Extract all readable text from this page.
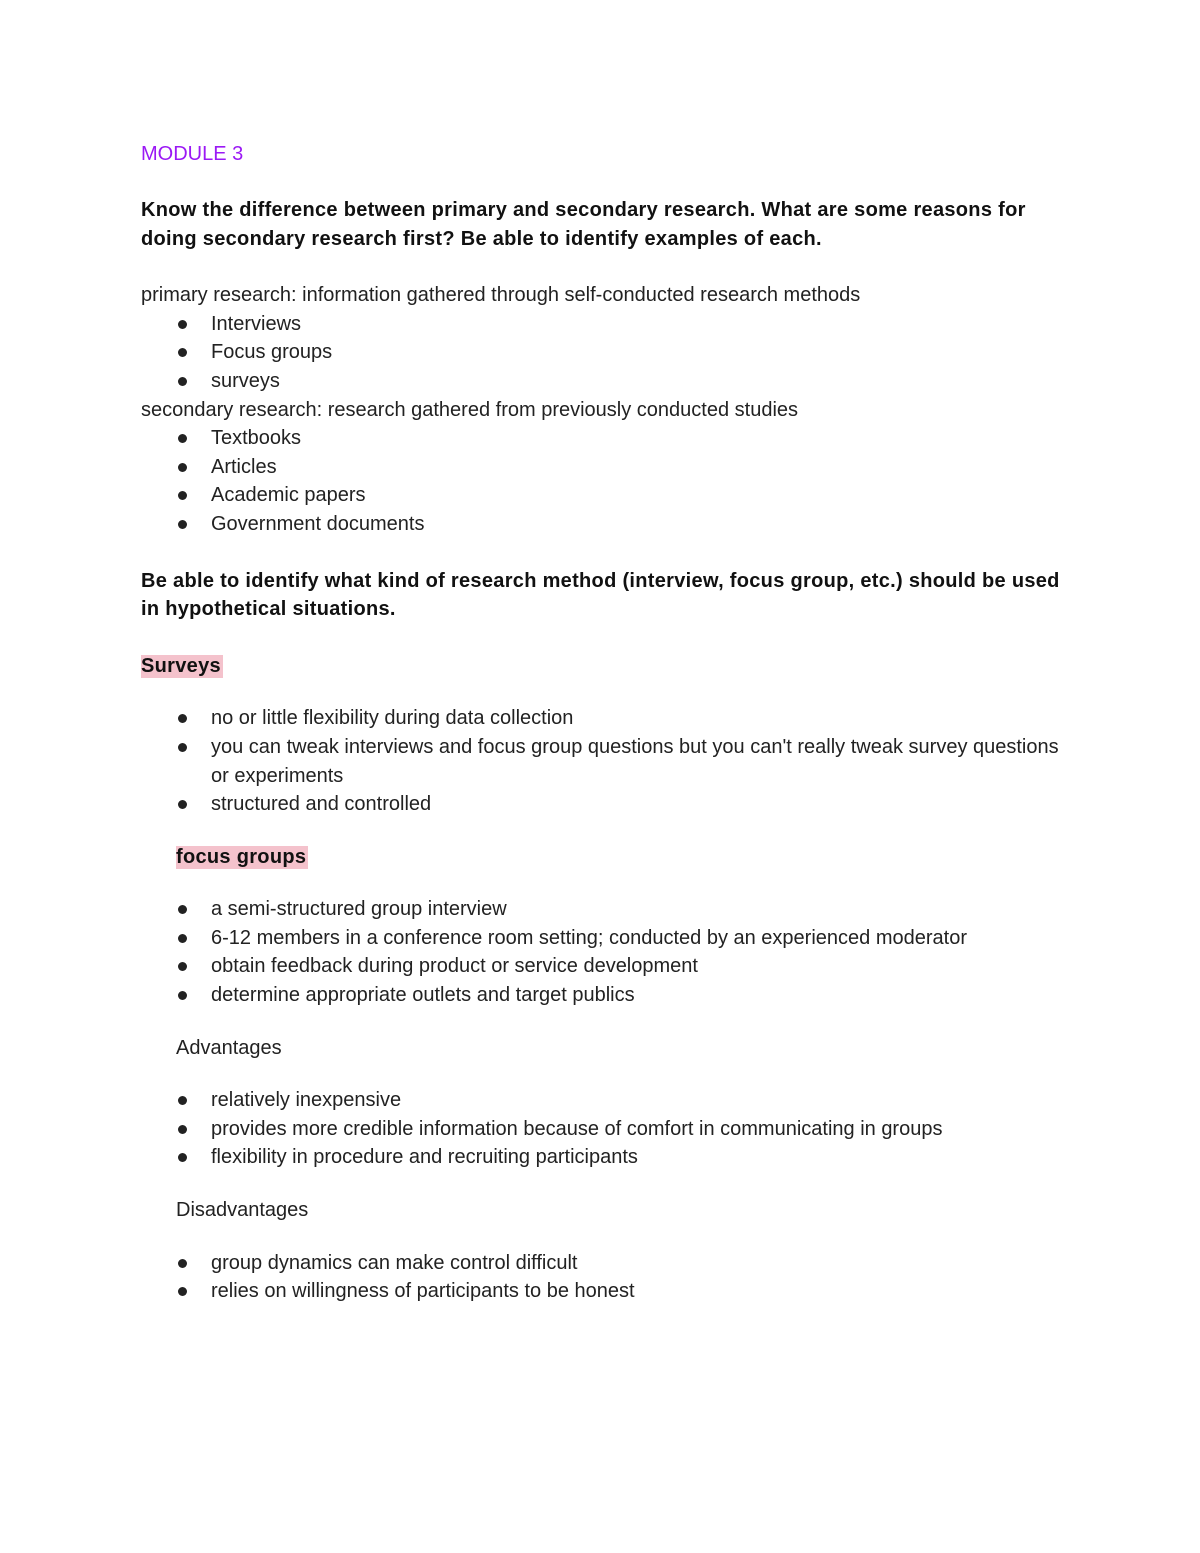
MODULE 3

Know the difference between primary and secondary research. What are some reasons for doing secondary research first? Be able to identify examples of each.

primary research: information gathered through self-conducted research methods

Interviews
Focus groups
surveys

secondary research: research gathered from previously conducted studies

Textbooks
Articles
Academic papers
Government documents

Be able to identify what kind of research method (interview, focus group, etc.) should be used in hypothetical situations.

Surveys

no or little flexibility during data collection
you can tweak interviews and focus group questions but you can't really tweak survey questions or experiments
structured and controlled

focus groups

a semi-structured group interview
6-12 members in a conference room setting; conducted by an experienced moderator
obtain feedback during product or service development
determine appropriate outlets and target publics

Advantages

relatively inexpensive
provides more credible information because of comfort in communicating in groups
flexibility in procedure and recruiting participants

Disadvantages

group dynamics can make control difficult
relies on willingness of participants to be honest
